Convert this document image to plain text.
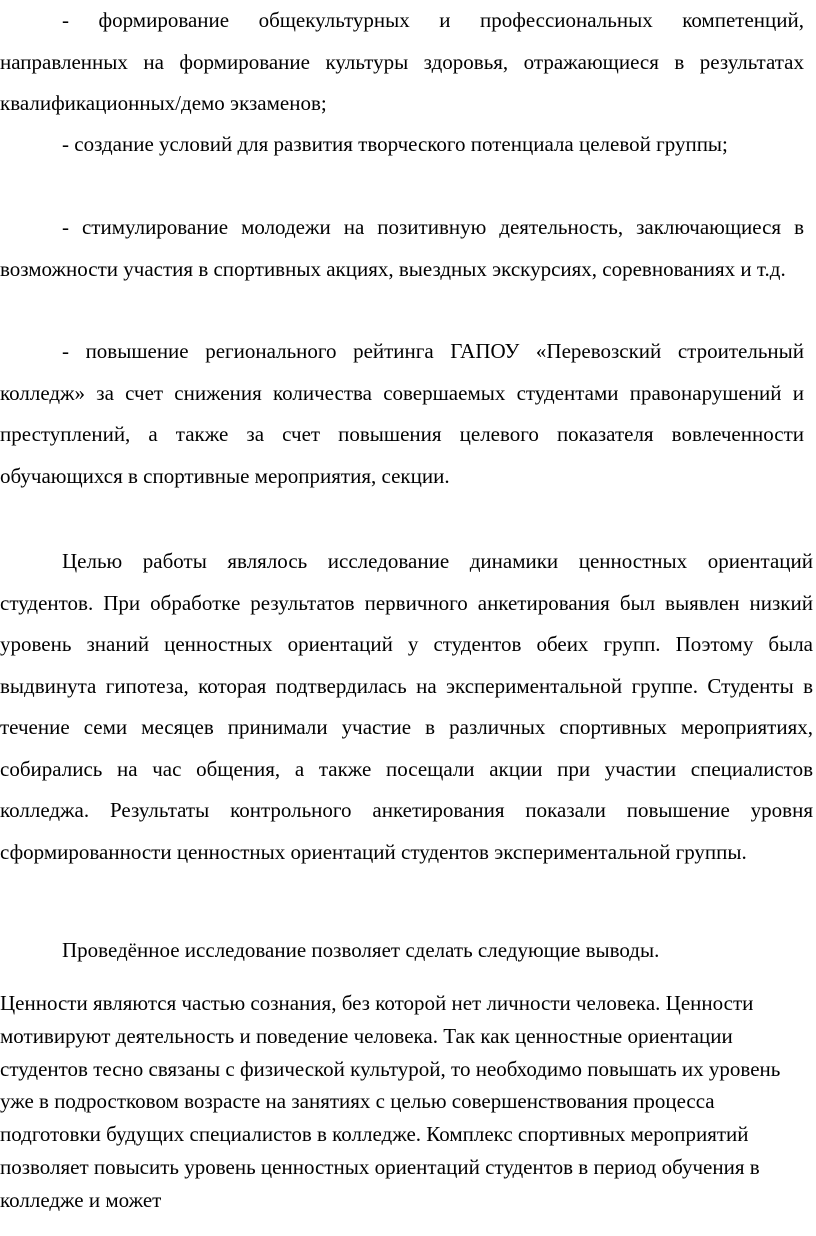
- формирование общекультурных и профессиональных компетенций, направленных на формирование культуры здоровья, отражающиеся в результатах квалификационных/демо экзаменов;

- создание условий для развития творческого потенциала целевой группы;

- стимулирование молодежи на позитивную деятельность, заключающиеся в возможности участия в спортивных акциях, выездных экскурсиях, соревнованиях и т.д.

- повышение регионального рейтинга ГАПОУ «Перевозский строительный колледж» за счет снижения количества совершаемых студентами правонарушений и преступлений, а также за счет повышения целевого показателя вовлеченности обучающихся в спортивные мероприятия, секции.

Целью работы являлось исследование динамики ценностных ориентаций студентов. При обработке результатов первичного анкетирования был выявлен низкий уровень знаний ценностных ориентаций у студентов обеих групп. Поэтому была выдвинута гипотеза, которая подтвердилась на экспериментальной группе. Студенты в течение семи месяцев принимали участие в различных спортивных мероприятиях, собирались на час общения, а также посещали акции при участии специалистов колледжа. Результаты контрольного анкетирования показали повышение уровня сформированности ценностных ориентаций студентов экспериментальной группы.

Проведённое исследование позволяет сделать следующие выводы.

Ценности являются частью сознания, без которой нет личности человека. Ценности мотивируют деятельность и поведение человека. Так как ценностные ориентации студентов тесно связаны с физической культурой, то необходимо повышать их уровень уже в подростковом возрасте на занятиях с целью совершенствования процесса подготовки будущих специалистов в колледже. Комплекс спортивных мероприятий позволяет повысить уровень ценностных ориентаций студентов в период обучения в колледже и может
